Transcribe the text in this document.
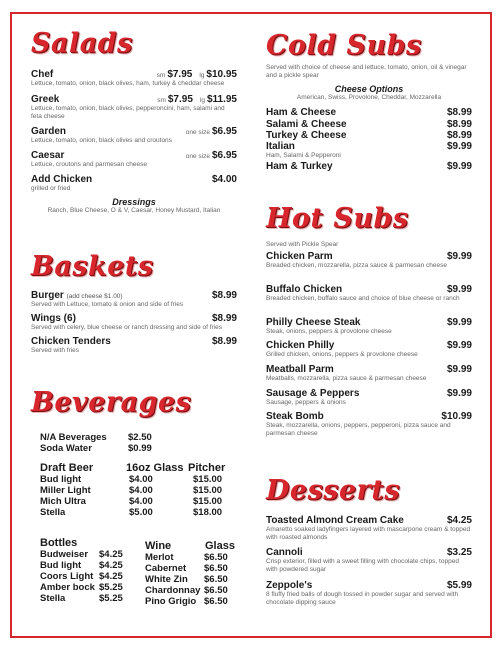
Salads
Chef	sm $7.95 lg $10.95
Lettuce, tomato, onion, black olives, ham, turkey & cheddar cheese
Greek	sm $7.95 lg $11.95
Lettuce, tomato, onion, black olives, pepperoncini, ham, salami and feta cheese
Garden	one size $6.95
Lettuce, tomato, onion, black olives and croutons
Caesar	one size $6.95
Lettuce, croutons and parmesan cheese
Add Chicken	$4.00
grilled or fried
Dressings
Ranch, Blue Cheese, O & V, Caesar, Honey Mustard, Italian
Baskets
Burger (add cheese $1.00)	$8.99
Served with Lettuce, tomato & onion and side of fries
Wings (6)	$8.99
Served with celery, blue cheese or ranch dressing and side of fries
Chicken Tenders	$8.99
Served with fries
Beverages
N/A Beverages	$2.50
Soda Water	$0.99
Draft Beer	16oz Glass Pitcher
Bud light	$4.00	$15.00
Miller Light	$4.00	$15.00
Mich Ultra	$4.00	$15.00
Stella	$5.00	$18.00
Bottles
Budweiser	$4.25
Bud light	$4.25
Coors Light $4.25
Amber bock $5.25
Stella	$5.25
Wine	Glass
Merlot	$6.50
Cabernet	$6.50
White Zin	$6.50
Chardonnay $6.50
Pino Grigio $6.50
Cold Subs
Served with choice of cheese and lettuce, tomato, onion, oil & vinegar and a pickle spear
Cheese Options
American, Swiss, Provolone, Cheddar, Mozzarella
Ham & Cheese	$8.99
Salami & Cheese	$8.99
Turkey & Cheese	$8.99
Italian	$9.99
Ham, Salami & Pepperoni
Ham & Turkey	$9.99
Hot Subs
Served with Pickle Spear
Chicken Parm	$9.99
Breaded chicken, mozzarella, pizza sauce & parmesan cheese
Buffalo Chicken	$9.99
Breaded chicken, buffalo sauce and choice of blue cheese or ranch
Philly Cheese Steak	$9.99
Steak, onions, peppers & provolone cheese
Chicken Philly	$9.99
Grilled chicken, onions, peppers & provolone cheese
Meatball Parm	$9.99
Meatballs, mozzarella, pizza sauce & parmesan cheese
Sausage & Peppers	$9.99
Sausage, peppers & onions
Steak Bomb	$10.99
Steak, mozzarella, onions, peppers, pepperoni, pizza sauce and parmesan cheese
Desserts
Toasted Almond Cream Cake	$4.25
Amaretto soaked ladyfingers layered with mascarpone cream & topped with roasted almonds
Cannoli	$3.25
Crisp exterior, filled with a sweet filling with chocolate chips, topped with powdered sugar
Zeppole's	$5.99
8 fluffy fried balls of dough tossed in powder sugar and served with chocolate dipping sauce
